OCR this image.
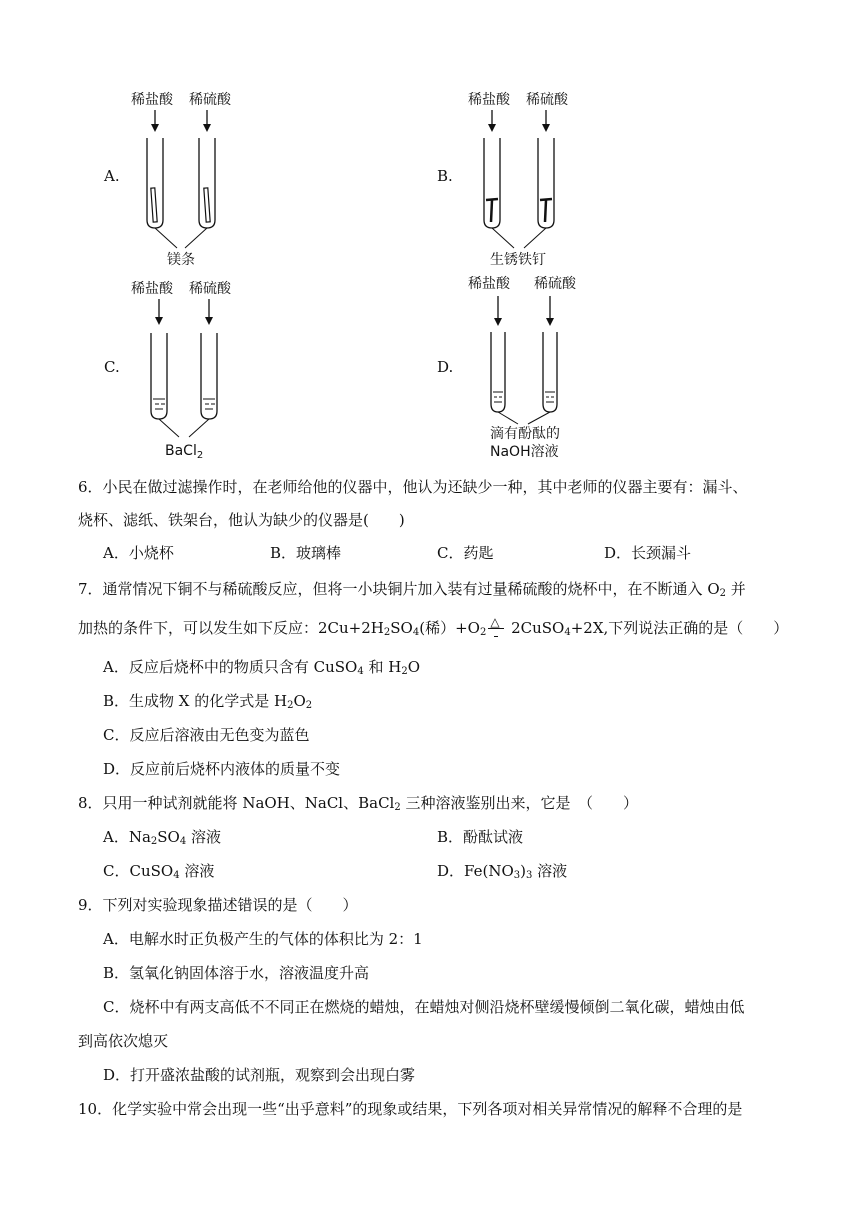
A.
稀盐酸 稀硫酸
镁条
B.
稀盐酸 稀硫酸
生锈铁钉
C.
稀盐酸 稀硫酸
BaCl$_2$
D.
稀盐酸 稀硫酸
滴有酚酞的
NaOH溶液
6．小民在做过滤操作时，在老师给他的仪器中，他认为还缺少一种，其中老师的仪器主要有：漏斗、
烧杯、滤纸、铁架台，他认为缺少的仪器是(　　)
A．小烧杯	B．玻璃棒	C．药匙	D．长颈漏斗
7．通常情况下铜不与稀硫酸反应，但将一小块铜片加入装有过量稀硫酸的烧杯中，在不断通入 $O_2$ 并
加热的条件下，可以发生如下反应：$2Cu+2H_2SO_4$(稀）$+O_2$
△ 2CuSO$_4$+2X,下列说法正确的是（　　）
A．反应后烧杯中的物质只含有 CuSO$_4$ 和 $H_2O$
B．生成物 X 的化学式是 $H_2O_2$
C．反应后溶液由无色变为蓝色
D．反应前后烧杯内液体的质量不变
8．只用一种试剂就能将 NaOH、NaCl、BaCl$_2$ 三种溶液鉴别出来，它是　（　　）
A．$Na_2SO_4$ 溶液	B．酚酞试液
C．CuSO$_4$ 溶液	D．$Fe(NO_3)_3$ 溶液
9．下列对实验现象描述错误的是（　　）
A．电解水时正负极产生的气体的体积比为 2：1
B．氢氧化钠固体溶于水，溶液温度升高
C．烧杯中有两支高低不不同正在燃烧的蜡烛，在蜡烛对侧沿烧杯壁缓慢倾倒二氧化碳，蜡烛由低
到高依次熄灭
D．打开盛浓盐酸的试剂瓶，观察到会出现白雾
10．化学实验中常会出现一些“出乎意料”的现象或结果，下列各项对相关异常情况的解释不合理的是
